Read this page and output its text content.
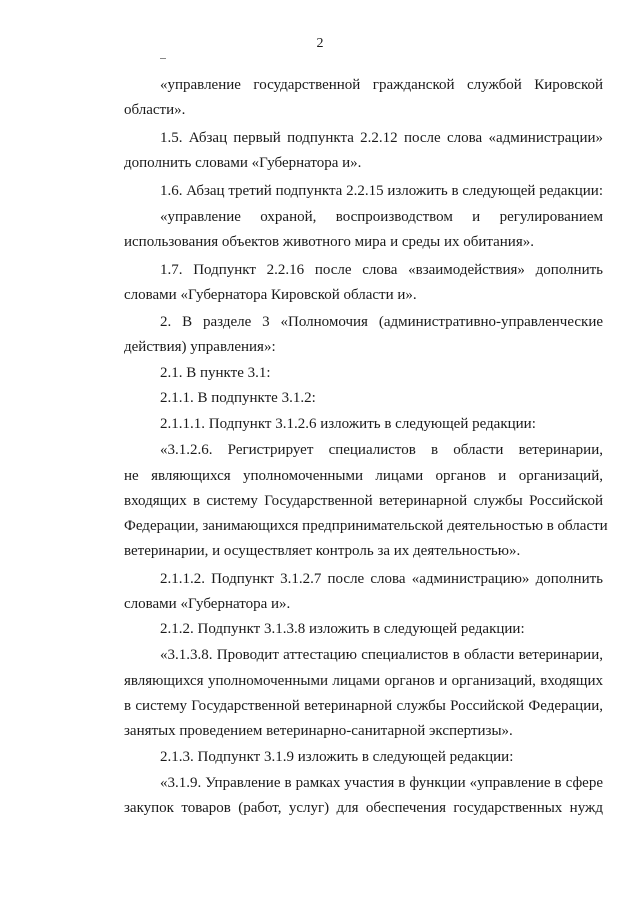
2
«управление государственной гражданской службой Кировской
области».
1.5. Абзац первый подпункта 2.2.12 после слова «администрации»
дополнить словами «Губернатора и».
1.6. Абзац третий подпункта 2.2.15 изложить в следующей редакции:
«управление охраной, воспроизводством и регулированием
использования объектов животного мира и среды их обитания».
1.7. Подпункт 2.2.16 после слова «взаимодействия» дополнить
словами «Губернатора Кировской области и».
2. В разделе 3 «Полномочия (административно-управленческие
действия) управления»:
2.1. В пункте 3.1:
2.1.1. В подпункте 3.1.2:
2.1.1.1. Подпункт 3.1.2.6 изложить в следующей редакции:
«3.1.2.6. Регистрирует специалистов в области ветеринарии,
не являющихся уполномоченными лицами органов и организаций,
входящих в систему Государственной ветеринарной службы Российской
Федерации, занимающихся предпринимательской деятельностью в области
ветеринарии, и осуществляет контроль за их деятельностью».
2.1.1.2. Подпункт 3.1.2.7 после слова «администрацию» дополнить
словами «Губернатора и».
2.1.2. Подпункт 3.1.3.8 изложить в следующей редакции:
«3.1.3.8. Проводит аттестацию специалистов в области ветеринарии,
являющихся уполномоченными лицами органов и организаций, входящих
в систему Государственной ветеринарной службы Российской Федерации,
занятых проведением ветеринарно-санитарной экспертизы».
2.1.3. Подпункт 3.1.9 изложить в следующей редакции:
«3.1.9. Управление в рамках участия в функции «управление в сфере
закупок товаров (работ, услуг) для обеспечения государственных нужд
